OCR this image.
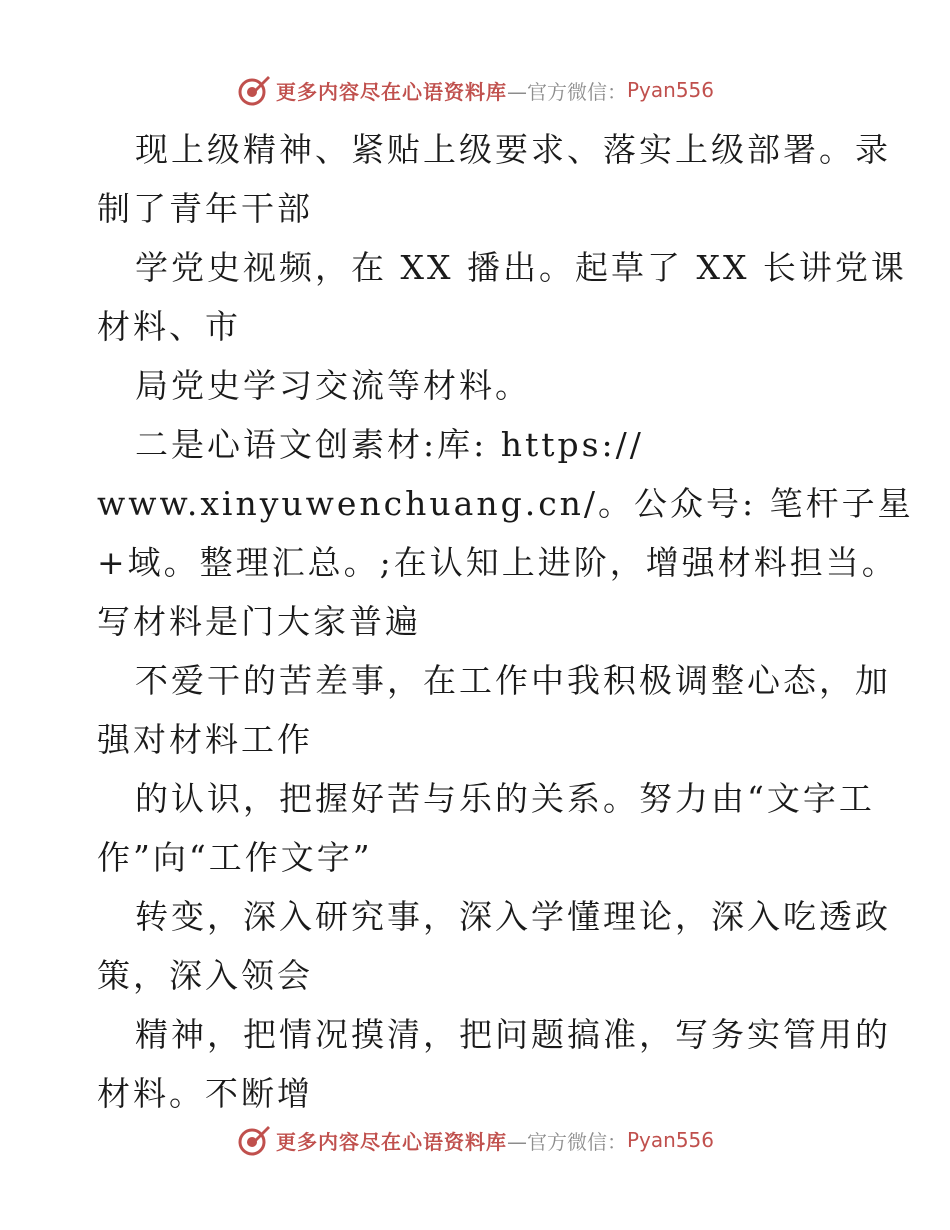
更多内容尽在心语资料库 —官方微信： Pyan556
现上级精神、紧贴上级要求、落实上级部署。录
制了青年干部
学党史视频，在 XX 播出。起草了 XX 长讲党课
材料、市
局党史学习交流等材料。
二是心语文创素材:库: https://
www.xinyuwenchuang.cn/。公众号: 笔杆子星
+域。整理汇总。;在认知上进阶，增强材料担当。
写材料是门大家普遍
不爱干的苦差事，在工作中我积极调整心态，加
强对材料工作
的认识，把握好苦与乐的关系。努力由“文字工
作”向“工作文字”
转变，深入研究事，深入学懂理论，深入吃透政
策，深入领会
精神，把情况摸清，把问题搞准，写务实管用的
材料。不断增
更多内容尽在心语资料库 —官方微信： Pyan556
